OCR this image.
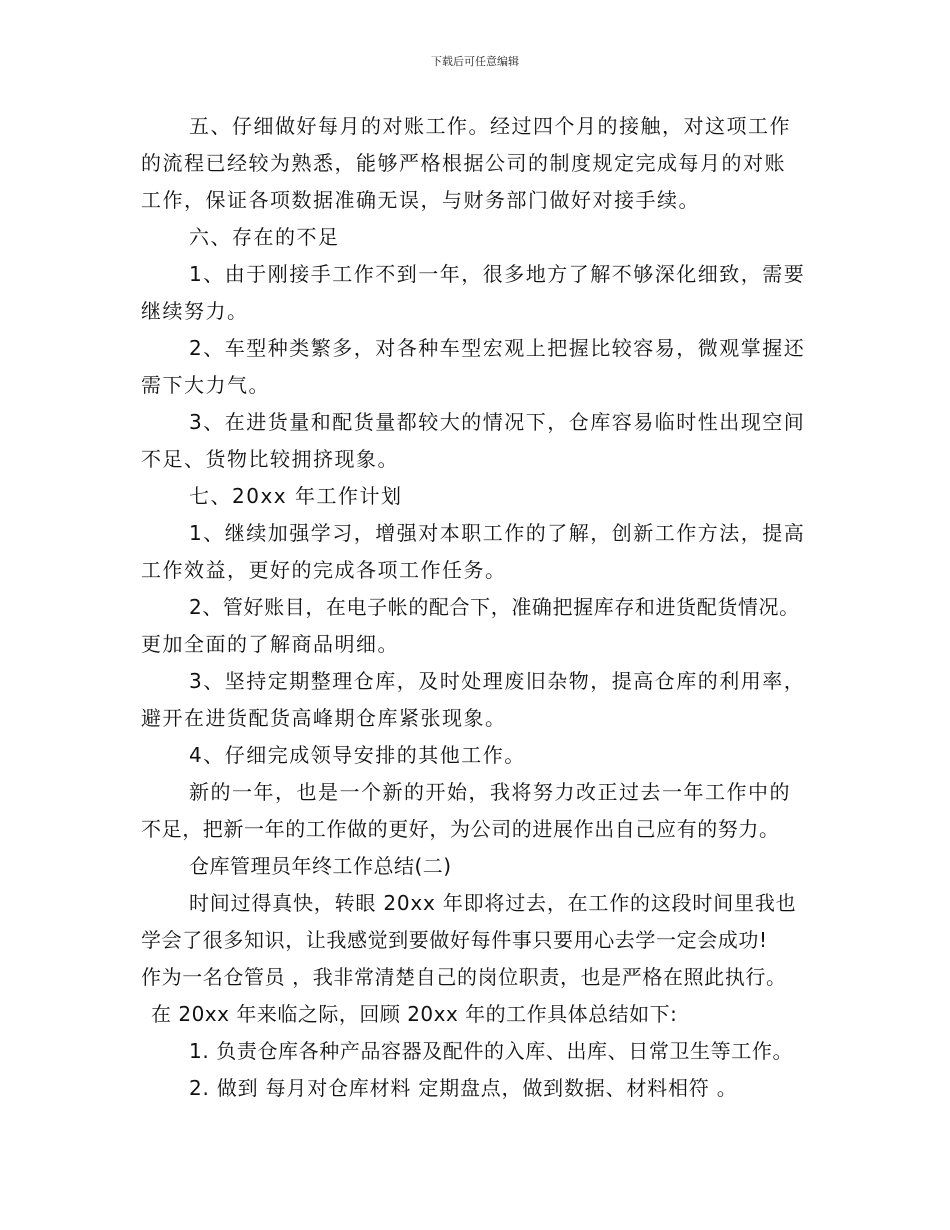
下载后可任意编辑
五、仔细做好每月的对账工作。经过四个月的接触，对这项工作
的流程已经较为熟悉，能够严格根据公司的制度规定完成每月的对账
工作，保证各项数据准确无误，与财务部门做好对接手续。
六、存在的不足
1、由于刚接手工作不到一年，很多地方了解不够深化细致，需要
继续努力。
2、车型种类繁多，对各种车型宏观上把握比较容易，微观掌握还
需下大力气。
3、在进货量和配货量都较大的情况下，仓库容易临时性出现空间
不足、货物比较拥挤现象。
七、20xx 年工作计划
1、继续加强学习，增强对本职工作的了解，创新工作方法，提高
工作效益，更好的完成各项工作任务。
2、管好账目，在电子帐的配合下，准确把握库存和进货配货情况。
更加全面的了解商品明细。
3、坚持定期整理仓库，及时处理废旧杂物，提高仓库的利用率，
避开在进货配货高峰期仓库紧张现象。
4、仔细完成领导安排的其他工作。
新的一年，也是一个新的开始，我将努力改正过去一年工作中的
不足，把新一年的工作做的更好，为公司的进展作出自己应有的努力。
仓库管理员年终工作总结(二)
时间过得真快，转眼 20xx 年即将过去，在工作的这段时间里我也
学会了很多知识，让我感觉到要做好每件事只要用心去学一定会成功!
作为一名仓管员 ，我非常清楚自己的岗位职责，也是严格在照此执行。
在 20xx 年来临之际，回顾 20xx 年的工作具体总结如下:
1. 负责仓库各种产品容器及配件的入库、出库、日常卫生等工作。
2. 做到 每月对仓库材料 定期盘点，做到数据、材料相符 。
